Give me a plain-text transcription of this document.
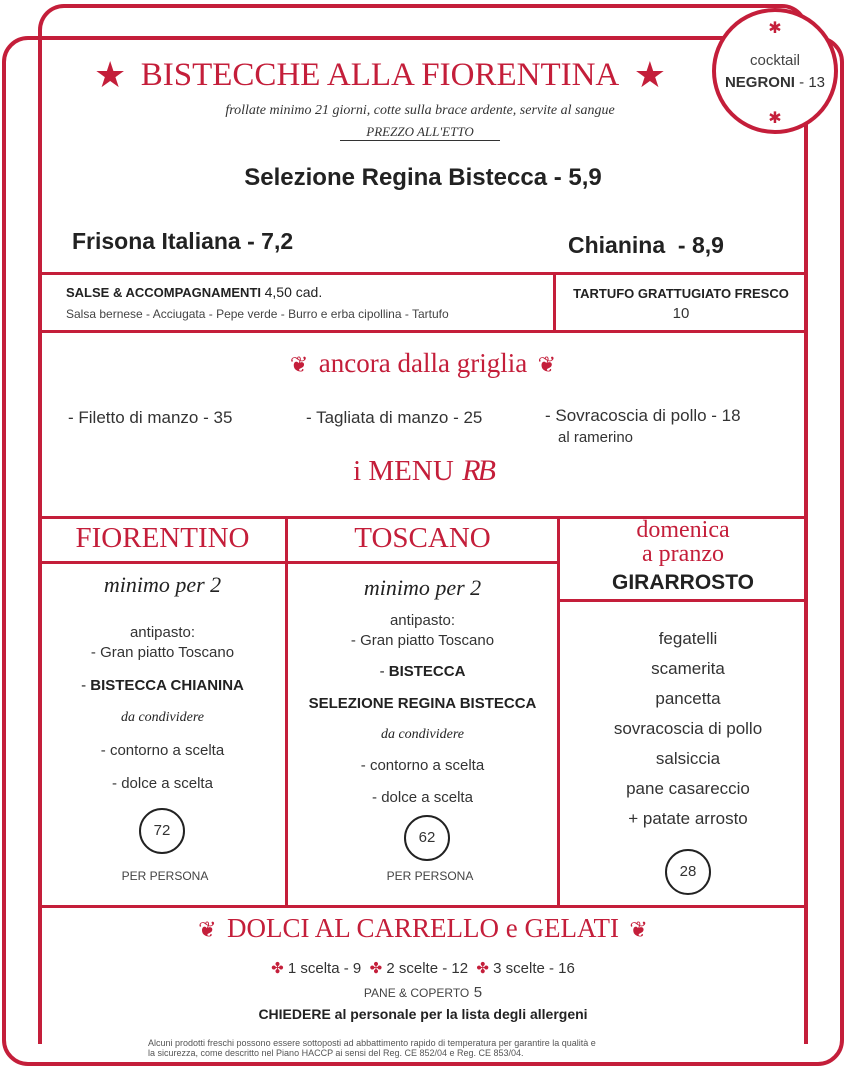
✱
cocktail
NEGRONI - 13
✱
★ BISTECCHE ALLA FIORENTINA ★
frollate minimo 21 giorni, cotte sulla brace ardente, servite al sangue
PREZZO ALL'ETTO
Selezione Regina Bistecca - 5,9
Frisona Italiana - 7,2	Chianina  - 8,9
SALSE & ACCOMPAGNAMENTI 4,50 cad.
Salsa bernese - Acciugata - Pepe verde - Burro e erba cipollina - Tartufo
TARTUFO GRATTUGIATO FRESCO
10
❦ ancora dalla griglia ❦
- Filetto di manzo - 35	- Tagliata di manzo - 25	- Sovracoscia di pollo - 18
al ramerino
i MENU RB
FIORENTINO
minimo per 2
antipasto:
- Gran piatto Toscano
- BISTECCA CHIANINA
da condividere
- contorno a scelta
- dolce a scelta
72
PER PERSONA
TOSCANO
minimo per 2
antipasto:
- Gran piatto Toscano
- BISTECCA
SELEZIONE REGINA BISTECCA
da condividere
- contorno a scelta
- dolce a scelta
62
PER PERSONA
domenica
a pranzo
GIRARROSTO
fegatelli
scamerita
pancetta
sovracoscia di pollo
salsiccia
pane casareccio
+ patate arrosto
28
❦ DOLCI AL CARRELLO e GELATI ❦
✤ 1 scelta - 9 ✤ 2 scelte - 12 ✤ 3 scelte - 16
PANE & COPERTO 5
CHIEDERE al personale per la lista degli allergeni
Alcuni prodotti freschi possono essere sottoposti ad abbattimento rapido di temperatura per garantire la qualità e
la sicurezza, come descritto nel Piano HACCP ai sensi del Reg. CE 852/04 e Reg. CE 853/04.
